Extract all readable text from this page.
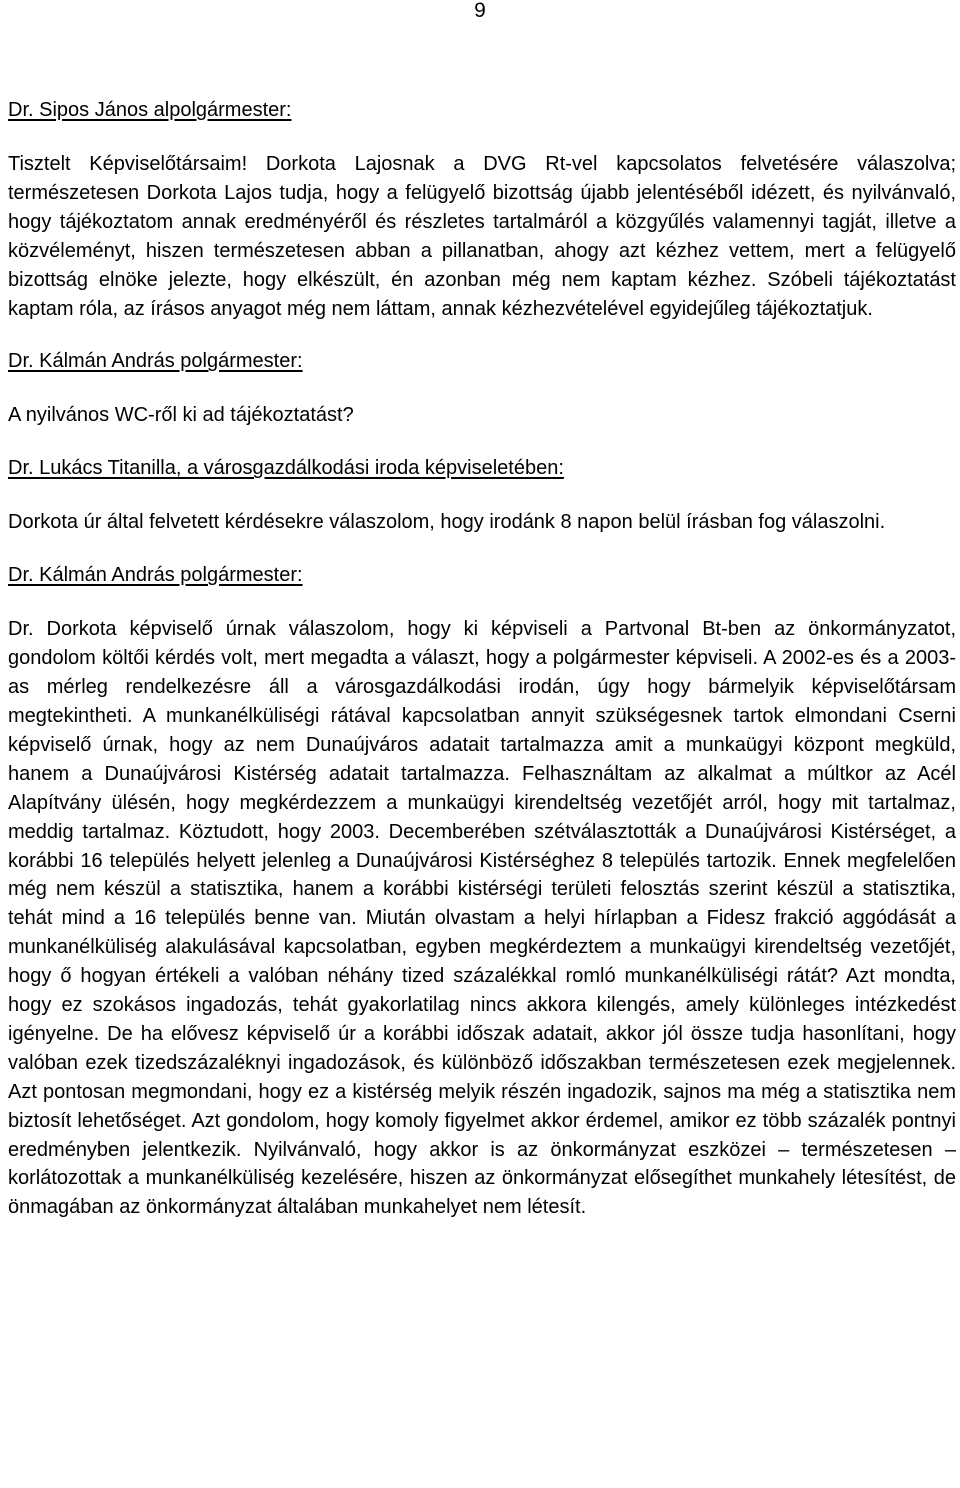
9

Dr. Sipos János alpolgármester:

Tisztelt Képviselőtársaim! Dorkota Lajosnak a DVG Rt-vel kapcsolatos felvetésére válaszolva; természetesen Dorkota Lajos tudja, hogy a felügyelő bizottság újabb jelentéséből idézett, és nyilvánvaló, hogy tájékoztatom annak eredményéről és részletes tartalmáról a közgyűlés valamennyi tagját, illetve a közvéleményt, hiszen természetesen abban a pillanatban, ahogy azt kézhez vettem, mert a felügyelő bizottság elnöke jelezte, hogy elkészült, én azonban még nem kaptam kézhez. Szóbeli tájékoztatást kaptam róla, az írásos anyagot még nem láttam, annak kézhezvételével egyidejűleg tájékoztatjuk.

Dr. Kálmán András polgármester:

A nyilvános WC-ről ki ad tájékoztatást?

Dr. Lukács Titanilla, a városgazdálkodási iroda képviseletében:

Dorkota úr által felvetett kérdésekre válaszolom, hogy irodánk 8 napon belül írásban fog válaszolni.

Dr. Kálmán András polgármester:

Dr. Dorkota képviselő úrnak válaszolom, hogy ki képviseli a Partvonal Bt-ben az önkormányzatot, gondolom költői kérdés volt, mert megadta a választ, hogy a polgármester képviseli. A 2002-es és a 2003-as mérleg rendelkezésre áll a városgazdálkodási irodán, úgy hogy bármelyik képviselőtársam megtekintheti. A munkanélküliségi rátával kapcsolatban annyit szükségesnek tartok elmondani Cserni képviselő úrnak, hogy az nem Dunaújváros adatait tartalmazza amit a munkaügyi központ megküld, hanem a Dunaújvárosi Kistérség adatait tartalmazza. Felhasználtam az alkalmat a múltkor az Acél Alapítvány ülésén, hogy megkérdezzem a munkaügyi kirendeltség vezetőjét arról, hogy mit tartalmaz, meddig tartalmaz. Köztudott, hogy 2003. Decemberében szétválasztották a Dunaújvárosi Kistérséget, a korábbi 16 település helyett jelenleg a Dunaújvárosi Kistérséghez 8 település tartozik. Ennek megfelelően még nem készül a statisztika, hanem a korábbi kistérségi területi felosztás szerint készül a statisztika, tehát mind a 16 település benne van. Miután olvastam a helyi hírlapban a Fidesz frakció aggódását a munkanélküliség alakulásával kapcsolatban, egyben megkérdeztem a munkaügyi kirendeltség vezetőjét, hogy ő hogyan értékeli a valóban néhány tized százalékkal romló munkanélküliségi rátát? Azt mondta, hogy ez szokásos ingadozás, tehát gyakorlatilag nincs akkora kilengés, amely különleges intézkedést igényelne. De ha elővesz képviselő úr a korábbi időszak adatait, akkor jól össze tudja hasonlítani, hogy valóban ezek tizedszázaléknyi ingadozások, és különböző időszakban természetesen ezek megjelennek. Azt pontosan megmondani, hogy ez a kistérség melyik részén ingadozik, sajnos ma még a statisztika nem biztosít lehetőséget. Azt gondolom, hogy komoly figyelmet akkor érdemel, amikor ez több százalék pontnyi eredményben jelentkezik. Nyilvánvaló, hogy akkor is az önkormányzat eszközei – természetesen – korlátozottak a munkanélküliség kezelésére, hiszen az önkormányzat elősegíthet munkahely létesítést, de önmagában az önkormányzat általában munkahelyet nem létesít.
